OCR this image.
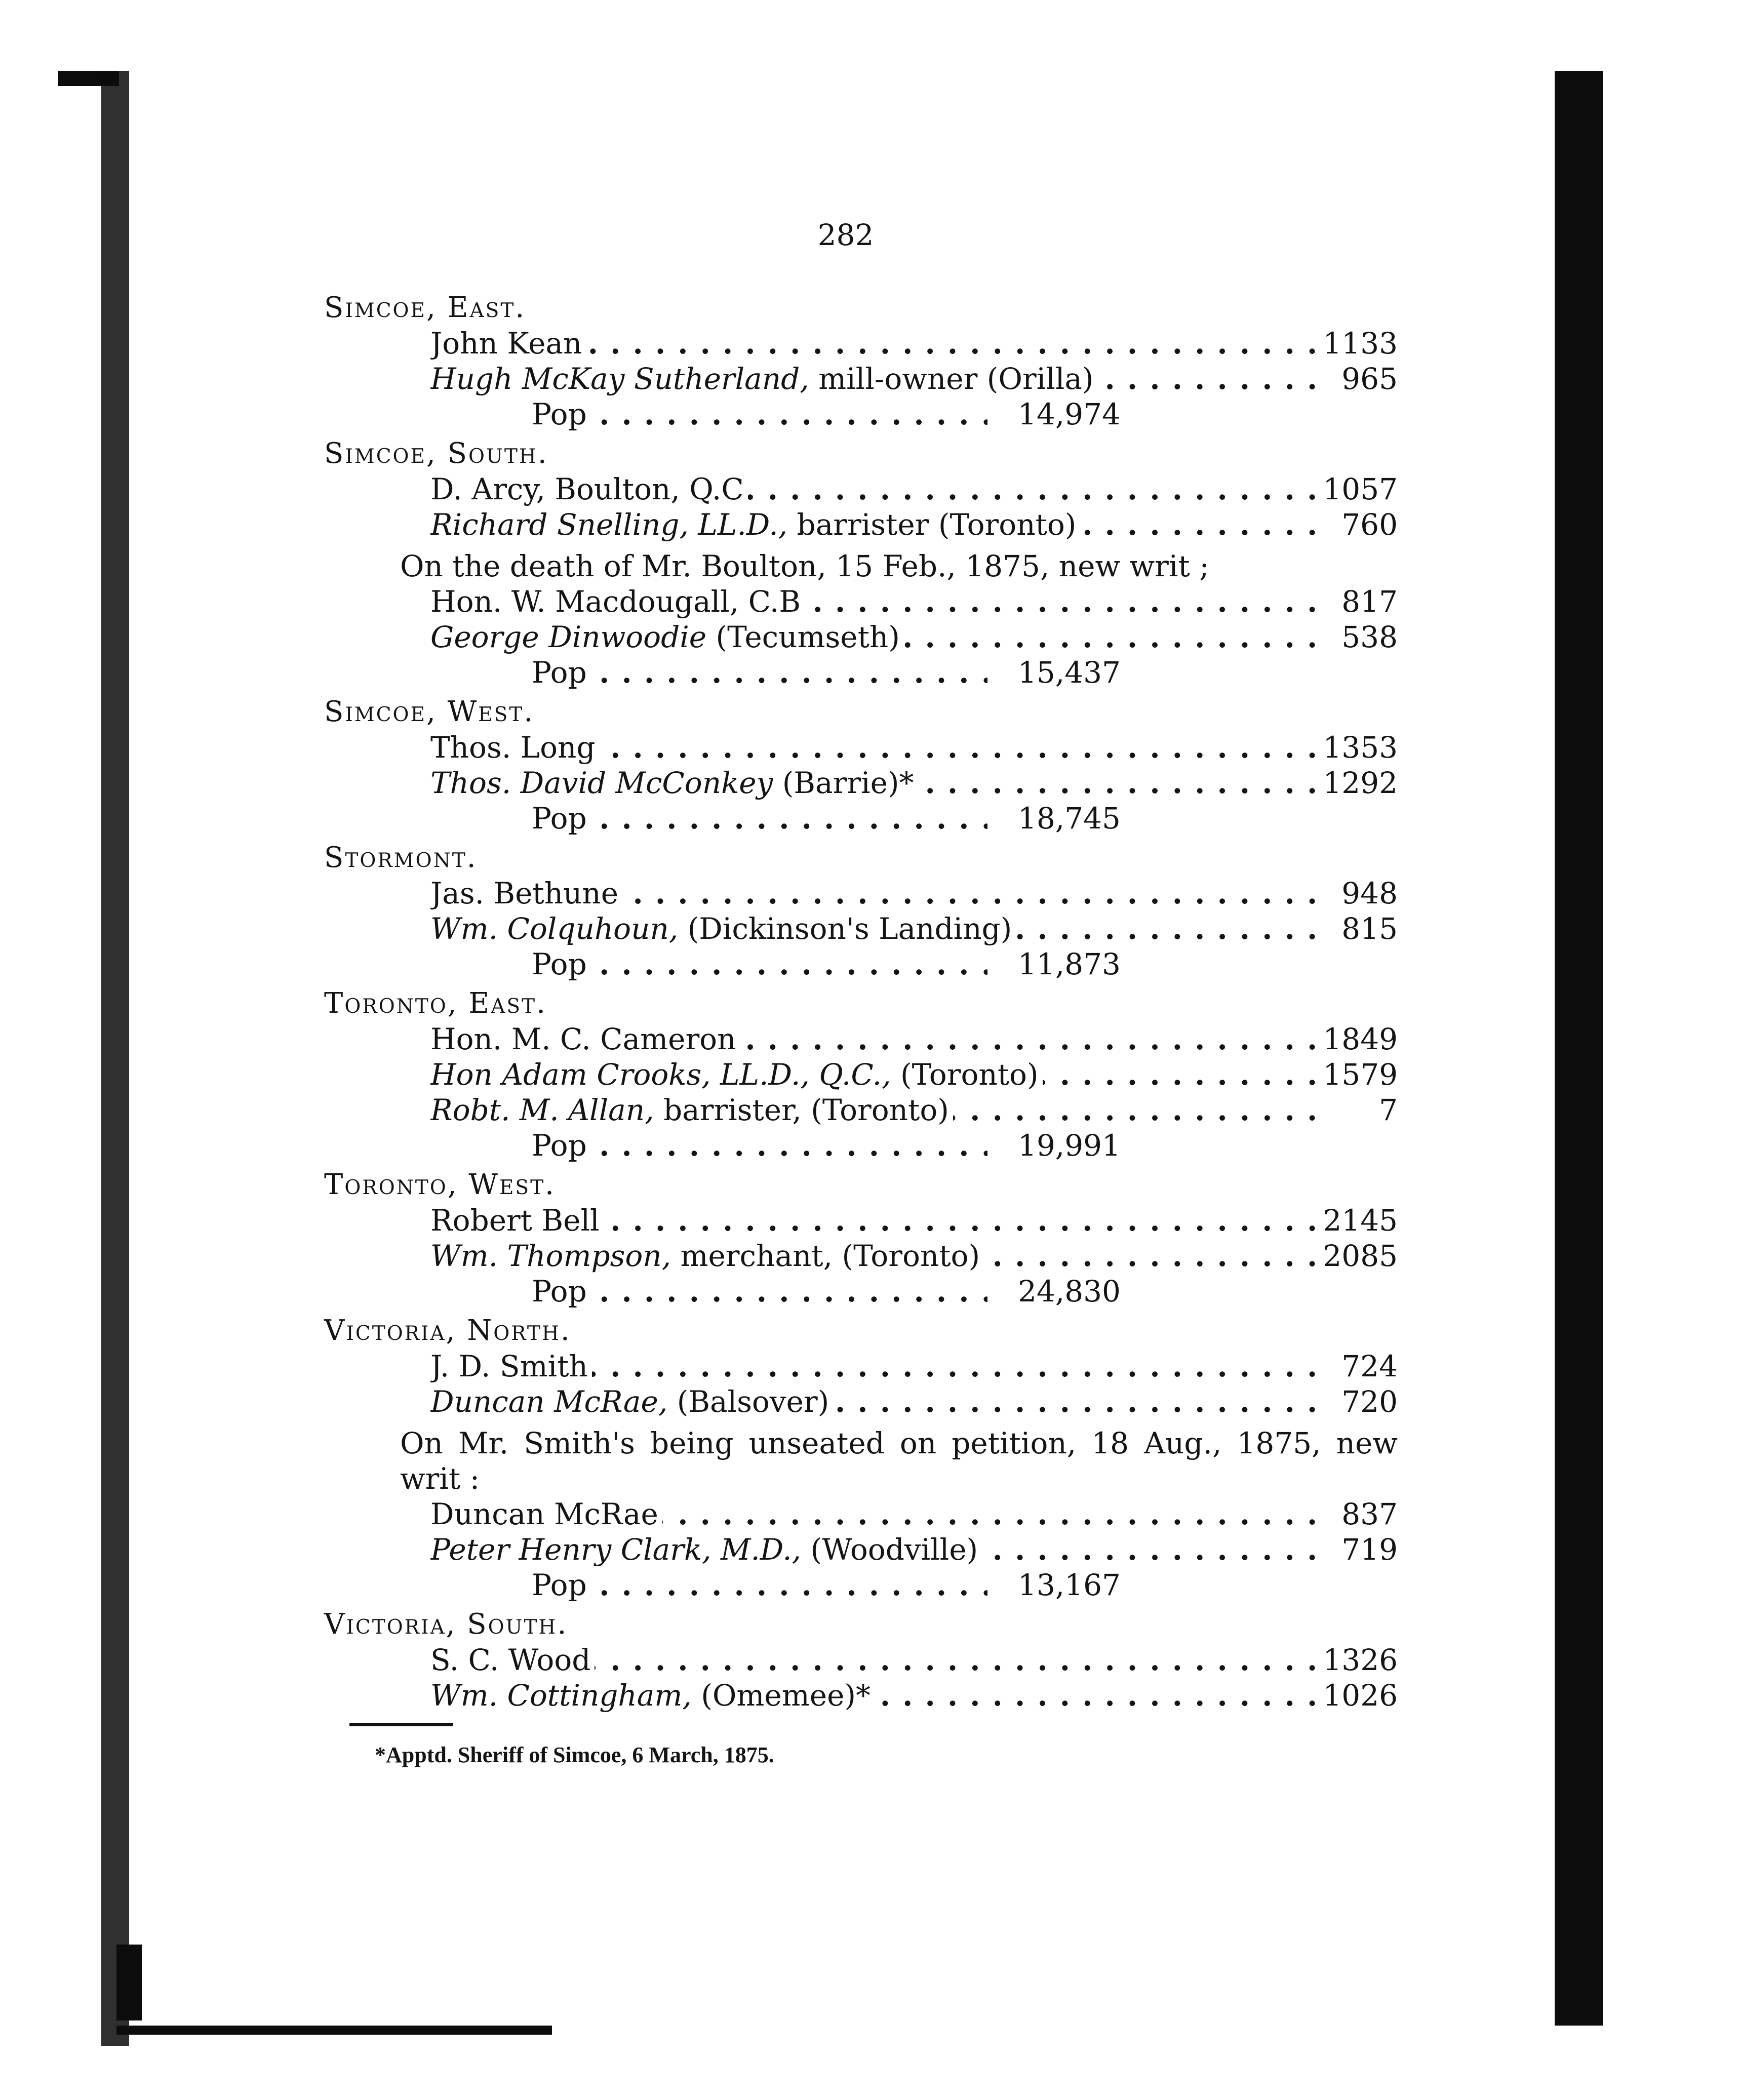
282
Simcoe, East.
John Kean . . .	1133
Hugh McKay Sutherland, mill-owner (Orilla) . . .	965
Pop . . .	14,974
Simcoe, South.
D. Arcy, Boulton, Q.C . . .	1057
Richard Snelling, LL.D., barrister (Toronto) . . .	760
On the death of Mr. Boulton, 15 Feb., 1875, new writ ;
Hon. W. Macdougall, C.B . . .	817
George Dinwoodie (Tecumseth) . . .	538
Pop . . .	15,437
Simcoe, West.
Thos. Long . . .	1353
Thos. David McConkey (Barrie)* . . .	1292
Pop . . .	18,745
Stormont.
Jas. Bethune . . .	948
Wm. Colquhoun, (Dickinson's Landing) . . .	815
Pop . . .	11,873
Toronto, East.
Hon. M. C. Cameron . . .	1849
Hon Adam Crooks, LL.D., Q.C., (Toronto) . . .	1579
Robt. M. Allan, barrister, (Toronto) . . .	7
Pop . . .	19,991
Toronto, West.
Robert Bell . . .	2145
Wm. Thompson, merchant, (Toronto) . . .	2085
Pop . . .	24,830
Victoria, North.
J. D. Smith . . .	724
Duncan McRae, (Balsover) . . .	720
On Mr. Smith's being unseated on petition, 18 Aug., 1875, new writ :
Duncan McRae . . .	837
Peter Henry Clark, M.D., (Woodville) . . .	719
Pop . . .	13,167
Victoria, South.
S. C. Wood . . .	1326
Wm. Cottingham, (Omemee)* . . .	1026
*Apptd. Sheriff of Simcoe, 6 March, 1875.
